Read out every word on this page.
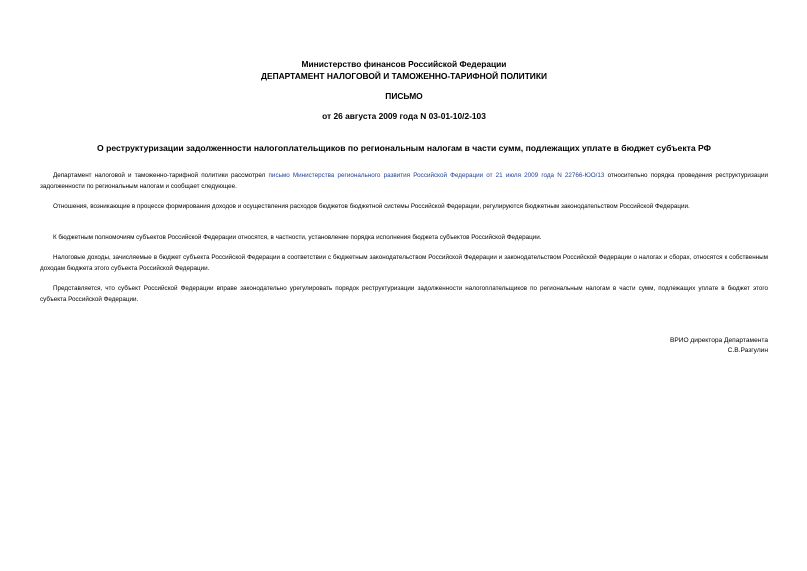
Министерство финансов Российской Федерации
ДЕПАРТАМЕНТ НАЛОГОВОЙ И ТАМОЖЕННО-ТАРИФНОЙ ПОЛИТИКИ
ПИСЬМО
от 26 августа 2009 года N 03-01-10/2-103
О реструктуризации задолженности налогоплательщиков по региональным налогам в части сумм, подлежащих уплате в бюджет субъекта РФ

Департамент налоговой и таможенно-тарифной политики рассмотрел письмо Министерства регионального развития Российской Федерации от 21 июля 2009 года N 22766-ЮО/13 относительно порядка проведения реструктуризации задолженности по региональным налогам и сообщает следующее.

Отношения, возникающие в процессе формирования доходов и осуществления расходов бюджетов бюджетной системы Российской Федерации, регулируются бюджетным законодательством Российской Федерации.

К бюджетным полномочиям субъектов Российской Федерации относятся, в частности, установление порядка исполнения бюджета субъектов Российской Федерации.

Налоговые доходы, зачисляемые в бюджет субъекта Российской Федерации в соответствии с бюджетным законодательством Российской Федерации и законодательством Российской Федерации о налогах и сборах, относятся к собственным доходам бюджета этого субъекта Российской Федерации.

Представляется, что субъект Российской Федерации вправе законодательно урегулировать порядок реструктуризации задолженности налогоплательщиков по региональным налогам в части сумм, подлежащих уплате в бюджет этого субъекта Российской Федерации.

ВРИО директора Департамента
С.В.Разгулин
